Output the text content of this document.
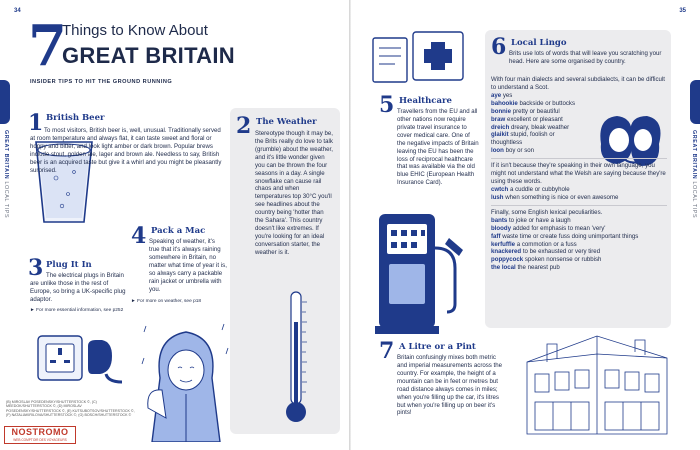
34
GREAT BRITAIN LOCAL TIPS
7
Things to Know About
GREAT BRITAIN
INSIDER TIPS TO HIT THE GROUND RUNNING
1 British Beer
To most visitors, British beer is, well, unusual. Traditionally served at room temperature and always flat, it can taste sweet and floral or hoppy and bitter, and look light amber or dark brown. Popular brews include stout, golden ale, lager and brown ale. Needless to say, British beer is an acquired taste but give it a whirl and you might be pleasantly surprised.
2 The Weather
Stereotype though it may be, the Brits really do love to talk (grumble) about the weather, and it's little wonder given you can be thrown the four seasons in a day. A single snowflake can cause rail chaos and when temperatures top 30°C you'll see headlines about the country being 'hotter than the Sahara'. This country doesn't like extremes. If you're looking for an ideal conversation starter, the weather is it.
3 Plug It In
The electrical plugs in Britain are unlike those in the rest of Europe, so bring a UK-specific plug adaptor.
► For more essential information, see p252
4 Pack a Mac
Speaking of weather, it's true that it's always raining somewhere in Britain, no matter what time of year it is, so always carry a packable rain jacket or umbrella with you.
► For more on weather, see p18
(B) MIROSLAV POSEDENSKY/SHUTTERSTOCK ©, (C) MEEDOK/SHUTTERSTOCK ©, (D) MIROSLAV POSEDENSKY/SHUTTERSTOCK ©, (E) KUTSUBOTSOV/SHUTTERSTOCK ©, (F) NATALIAKIRILOVA/SHUTTERSTOCK ©, (G) BOSCH/SHUTTERSTOCK ©
NOSTROMO
WEB COMPTOIR DES VOYAGEURS
35
GREAT BRITAIN LOCAL TIPS
5 Healthcare
Travellers from the EU and all other nations now require private travel insurance to cover medical care. One of the negative impacts of Britain leaving the EU has been the loss of reciprocal healthcare that was available via the old blue EHIC (European Health Insurance Card).
6 Local Lingo
Brits use lots of words that will leave you scratching your head. Here are some organised by country.
With four main dialects and several subdialects, it can be difficult to understand a Scot.
aye yes
bahookie backside or buttocks
bonnie pretty or beautiful
braw excellent or pleasant
dreich dreary, bleak weather
glaikit stupid, foolish or thoughtless
loon boy or son
If it isn't because they're speaking in their own language, you might not understand what the Welsh are saying because they're using these words.
cwtch a cuddle or cubbyhole
lush when something is nice or even awesome
Finally, some English lexical peculiarities.
bants to joke or have a laugh
bloody added for emphasis to mean 'very'
faff waste time or create fuss doing unimportant things
kerfuffle a commotion or a fuss
knackered to be exhausted or very tired
poppycock spoken nonsense or rubbish
the local the nearest pub
7 A Litre or a Pint
Britain confusingly mixes both metric and imperial measurements across the country. For example, the height of a mountain can be in feet or metres but road distance always comes in miles; when you're filling up the car, it's litres but when you're filling up on beer it's pints!
